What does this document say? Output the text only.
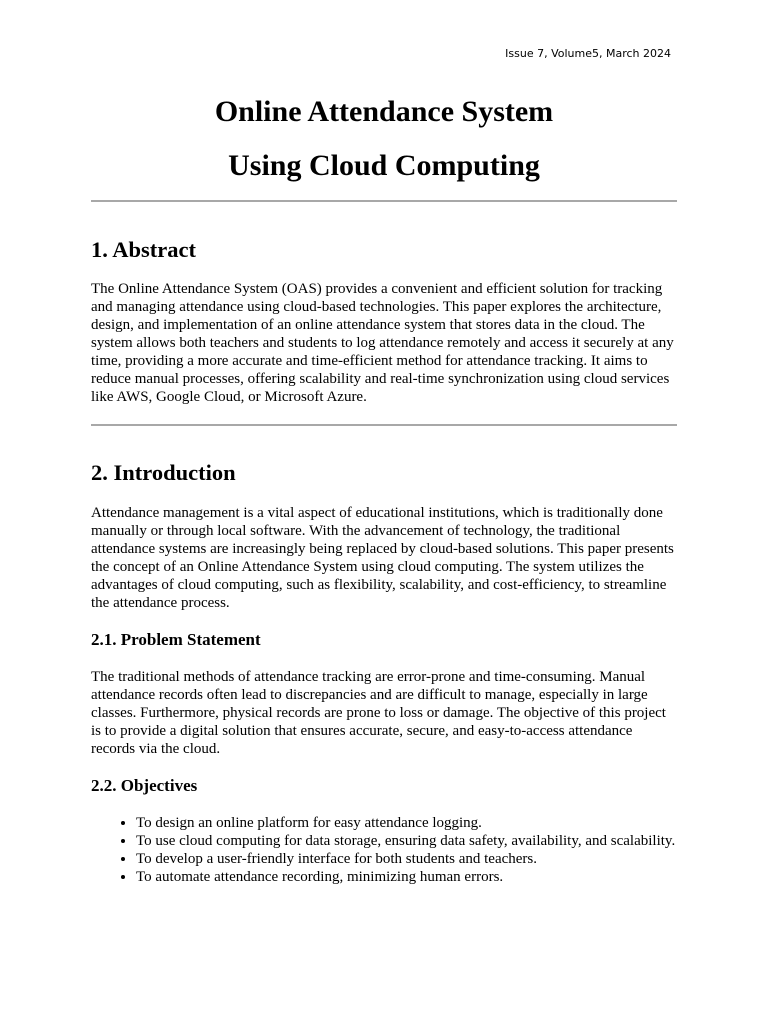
Issue 7, Volume5, March 2024
Online Attendance System
Using Cloud Computing
1. Abstract

The Online Attendance System (OAS) provides a convenient and efficient solution for tracking and managing attendance using cloud-based technologies. This paper explores the architecture, design, and implementation of an online attendance system that stores data in the cloud. The system allows both teachers and students to log attendance remotely and access it securely at any time, providing a more accurate and time-efficient method for attendance tracking. It aims to reduce manual processes, offering scalability and real-time synchronization using cloud services like AWS, Google Cloud, or Microsoft Azure.

2. Introduction

Attendance management is a vital aspect of educational institutions, which is traditionally done manually or through local software. With the advancement of technology, the traditional attendance systems are increasingly being replaced by cloud-based solutions. This paper presents the concept of an Online Attendance System using cloud computing. The system utilizes the advantages of cloud computing, such as flexibility, scalability, and cost-efficiency, to streamline the attendance process.

2.1. Problem Statement

The traditional methods of attendance tracking are error-prone and time-consuming. Manual attendance records often lead to discrepancies and are difficult to manage, especially in large classes. Furthermore, physical records are prone to loss or damage. The objective of this project is to provide a digital solution that ensures accurate, secure, and easy-to-access attendance records via the cloud.

2.2. Objectives
• To design an online platform for easy attendance logging.
• To use cloud computing for data storage, ensuring data safety, availability, and scalability.
• To develop a user-friendly interface for both students and teachers.
• To automate attendance recording, minimizing human errors.
